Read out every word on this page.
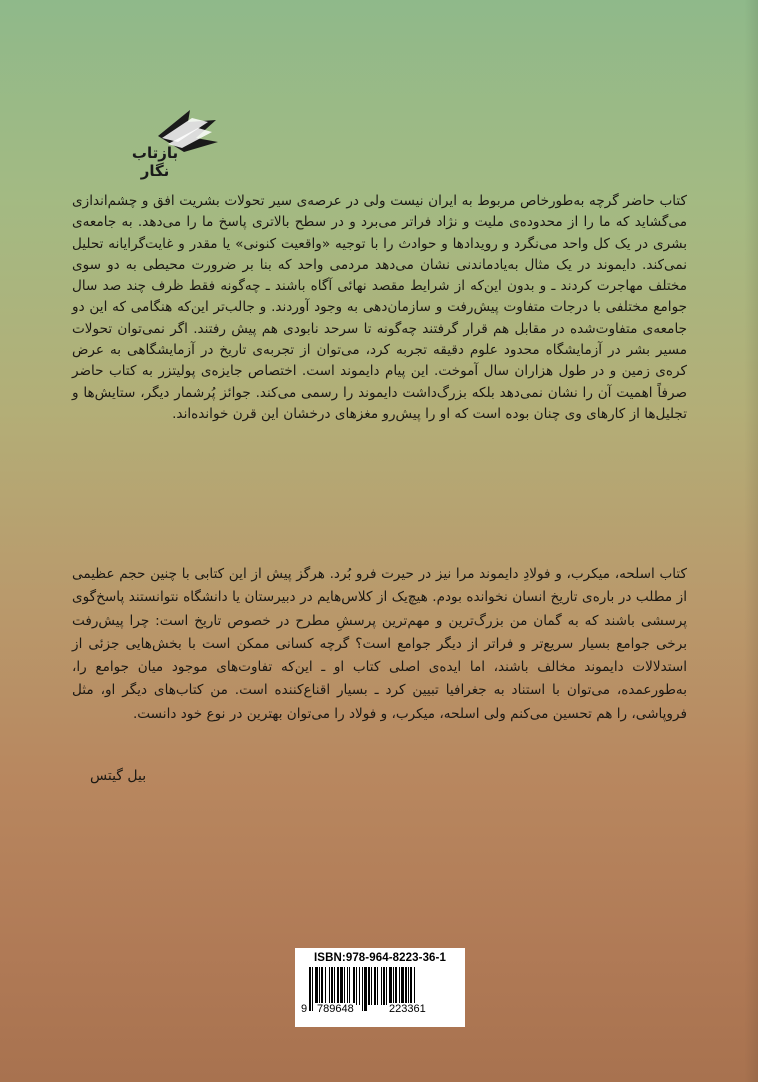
بازتاب نگار

کتاب حاضر گرچه به‌طورخاص مربوط به ایران نیست ولی در عرصه‌ی سیر تحولات بشریت افق و چشم‌اندازی می‌گشاید که ما را از محدوده‌ی ملیت و نژاد فراتر می‌برد و در سطح بالاتری پاسخ ما را می‌دهد. به جامعه‌ی بشری در یک کل واحد می‌نگرد و رویدادها و حوادث را با توجیه «واقعیت کنونی» یا مقدر و غایت‌گرایانه تحلیل نمی‌کند. دایموند در یک مثال به‌یادماندنی نشان می‌دهد مردمی واحد که بنا بر ضرورت محیطی به دو سوی مختلف مهاجرت کردند ـ و بدون این‌که از شرایط مقصد نهائی آگاه باشند ـ چه‌گونه فقط ظرف چند صد سال جوامع مختلفی با درجات متفاوت پیش‌رفت و سازمان‌دهی به وجود آوردند. و جالب‌تر این‌که هنگامی که این دو جامعه‌ی متفاوت‌شده در مقابل هم قرار گرفتند چه‌گونه تا سرحد نابودی هم پیش رفتند. اگر نمی‌توان تحولات مسیر بشر در آزمایشگاه محدود علوم دقیقه تجربه کرد، می‌توان از تجربه‌ی تاریخ در آزمایشگاهی به عرض کره‌ی زمین و در طول هزاران سال آموخت. این پیام دایموند است. اختصاص جایزه‌ی پولیتزر به کتاب حاضر صرفاً اهمیت آن را نشان نمی‌دهد بلکه بزرگ‌داشت دایموند را رسمی می‌کند. جوائز پُرشمار دیگر، ستایش‌ها و تجلیل‌ها از کارهای وی چنان بوده است که او را پیش‌رو مغزهای درخشان این قرن خوانده‌اند.

کتاب اسلحه، میکرب، و فولادِ دایموند مرا نیز در حیرت فرو بُرد. هرگز پیش از این کتابی با چنین حجم عظیمی از مطلب در باره‌ی تاریخ انسان نخوانده بودم. هیچ‌یک از کلاس‌هایم در دبیرستان یا دانشگاه نتوانستند پاسخ‌گوی پرسشی باشند که به گمان من بزرگ‌ترین و مهم‌ترین پرسشِ مطرح در خصوص تاریخ است: چرا پیش‌رفت برخی جوامع بسیار سریع‌تر و فراتر از دیگر جوامع است؟ گرچه کسانی ممکن است با بخش‌هایی جزئی از استدلالات دایموند مخالف باشند، اما ایده‌ی اصلی کتاب او ـ این‌که تفاوت‌های موجود میان جوامع را، به‌طورعمده، می‌توان با استناد به جغرافیا تبیین کرد ـ بسیار اقناع‌کننده است. من کتاب‌های دیگر او، مثل فروپاشی، را هم تحسین می‌کنم ولی اسلحه، میکرب، و فولاد را می‌توان بهترین در نوع خود دانست.

بیل گیتس
ISBN:978-964-8223-36-1
9 789648	223361
